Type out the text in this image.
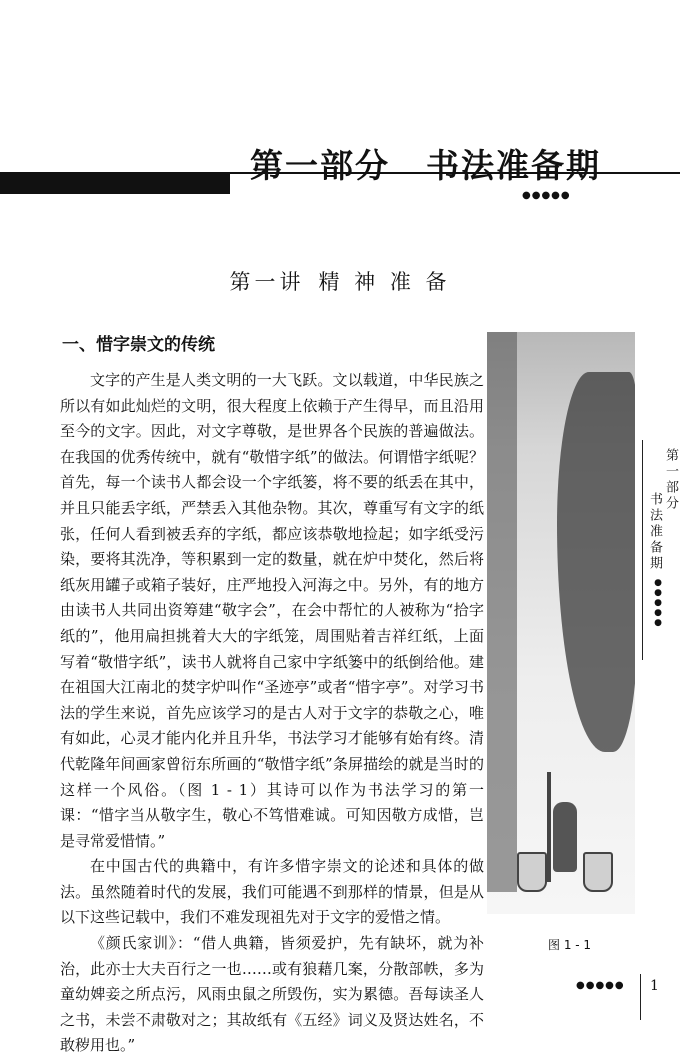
第一部分 书法准备期
●●●●●
第一讲 精 神 准 备
一、惜字崇文的传统

文字的产生是人类文明的一大飞跃。文以载道，中华民族之所以有如此灿烂的文明，很大程度上依赖于产生得早，而且沿用至今的文字。因此，对文字尊敬，是世界各个民族的普遍做法。在我国的优秀传统中，就有“敬惜字纸”的做法。何谓惜字纸呢？首先，每一个读书人都会设一个字纸篓，将不要的纸丢在其中，并且只能丢字纸，严禁丢入其他杂物。其次，尊重写有文字的纸张，任何人看到被丢弃的字纸，都应该恭敬地捡起；如字纸受污染，要将其洗净，等积累到一定的数量，就在炉中焚化，然后将纸灰用罐子或箱子装好，庄严地投入河海之中。另外，有的地方由读书人共同出资筹建“敬字会”，在会中帮忙的人被称为“拾字纸的”，他用扁担挑着大大的字纸笼，周围贴着吉祥红纸，上面写着“敬惜字纸”，读书人就将自己家中字纸篓中的纸倒给他。建在祖国大江南北的焚字炉叫作“圣迹亭”或者“惜字亭”。对学习书法的学生来说，首先应该学习的是古人对于文字的恭敬之心，唯有如此，心灵才能内化并且升华，书法学习才能够有始有终。清代乾隆年间画家曾衍东所画的“敬惜字纸”条屏描绘的就是当时的这样一个风俗。（图 1 - 1）其诗可以作为书法学习的第一课：“惜字当从敬字生，敬心不笃惜难诚。可知因敬方成惜，岂是寻常爱惜情。”

在中国古代的典籍中，有许多惜字崇文的论述和具体的做法。虽然随着时代的发展，我们可能遇不到那样的情景，但是从以下这些记载中，我们不难发现祖先对于文字的爱惜之情。

《颜氏家训》：“借人典籍，皆须爱护，先有缺坏，就为补治，此亦士大夫百行之一也……或有狼藉几案，分散部帙，多为童幼婢妾之所点污，风雨虫鼠之所毁伤，实为累德。吾每读圣人之书，未尝不肃敬对之；其故纸有《五经》词义及贤达姓名，不敢秽用也。”

图 1 - 1
第一部分
书法准备期
●●●●●
●●●●● 1
